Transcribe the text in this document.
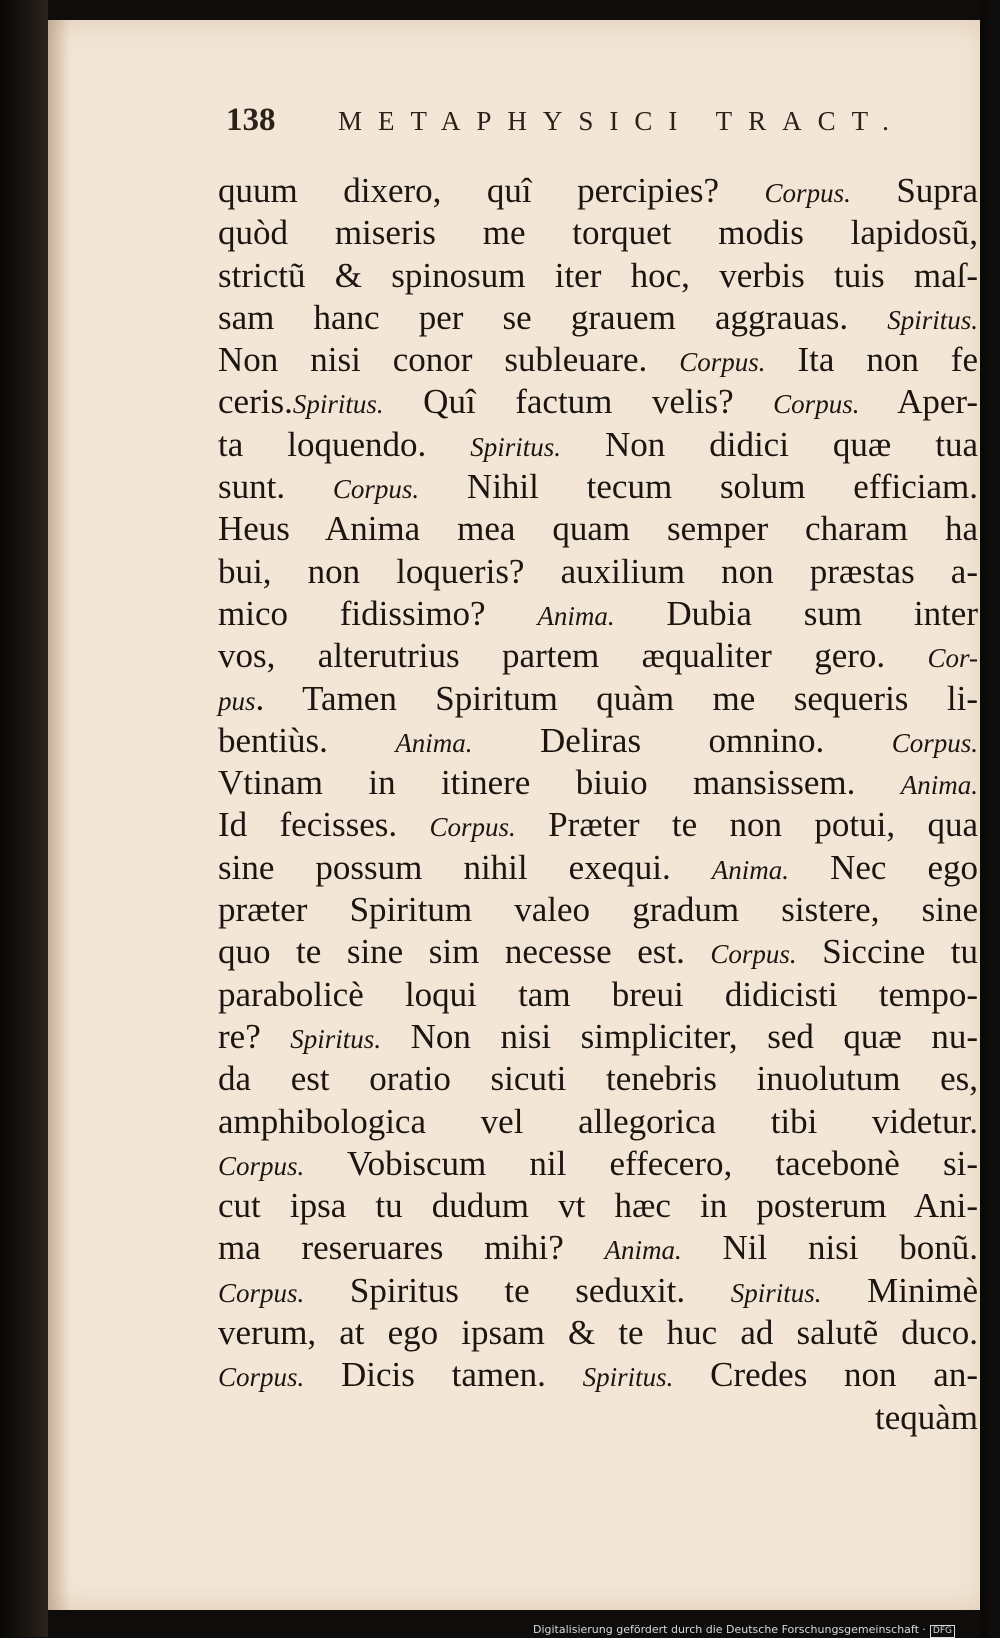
138 METAPHYSICI TRACT.
quum dixero, quî percipies? Corpus. Supra
quòd miseris me torquet modis lapidosũ,
strictũ & spinosum iter hoc, verbis tuis maſ-
sam hanc per se grauem aggrauas. Spiritus.
Non nisi conor subleuare. Corpus. Ita non fe
ceris.Spiritus. Quî factum velis? Corpus. Aper-
ta loquendo. Spiritus. Non didici quæ tua
sunt. Corpus. Nihil tecum solum efficiam.
Heus Anima mea quam semper charam ha
bui, non loqueris? auxilium non præstas a-
mico fidissimo? Anima. Dubia sum inter
vos, alterutrius partem æqualiter gero. Cor-
pus. Tamen Spiritum quàm me sequeris li-
bentiùs. Anima. Deliras omnino. Corpus.
Vtinam in itinere biuio mansissem. Anima.
Id fecisses. Corpus. Præter te non potui, qua
sine possum nihil exequi. Anima. Nec ego
præter Spiritum valeo gradum sistere, sine
quo te sine sim necesse est. Corpus. Siccine tu
parabolicè loqui tam breui didicisti tempo-
re? Spiritus. Non nisi simpliciter, sed quæ nu-
da est oratio sicuti tenebris inuolutum es,
amphibologica vel allegorica tibi videtur.
Corpus. Vobiscum nil effecero, tacebonè si-
cut ipsa tu dudum vt hæc in posterum Ani-
ma reseruares mihi? Anima. Nil nisi bonũ.
Corpus. Spiritus te seduxit. Spiritus. Minimè
verum, at ego ipsam & te huc ad salutẽ duco.
Corpus. Dicis tamen. Spiritus. Credes non an-
tequàm
Digitalisierung gefördert durch die Deutsche Forschungsgemeinschaft · DFG
